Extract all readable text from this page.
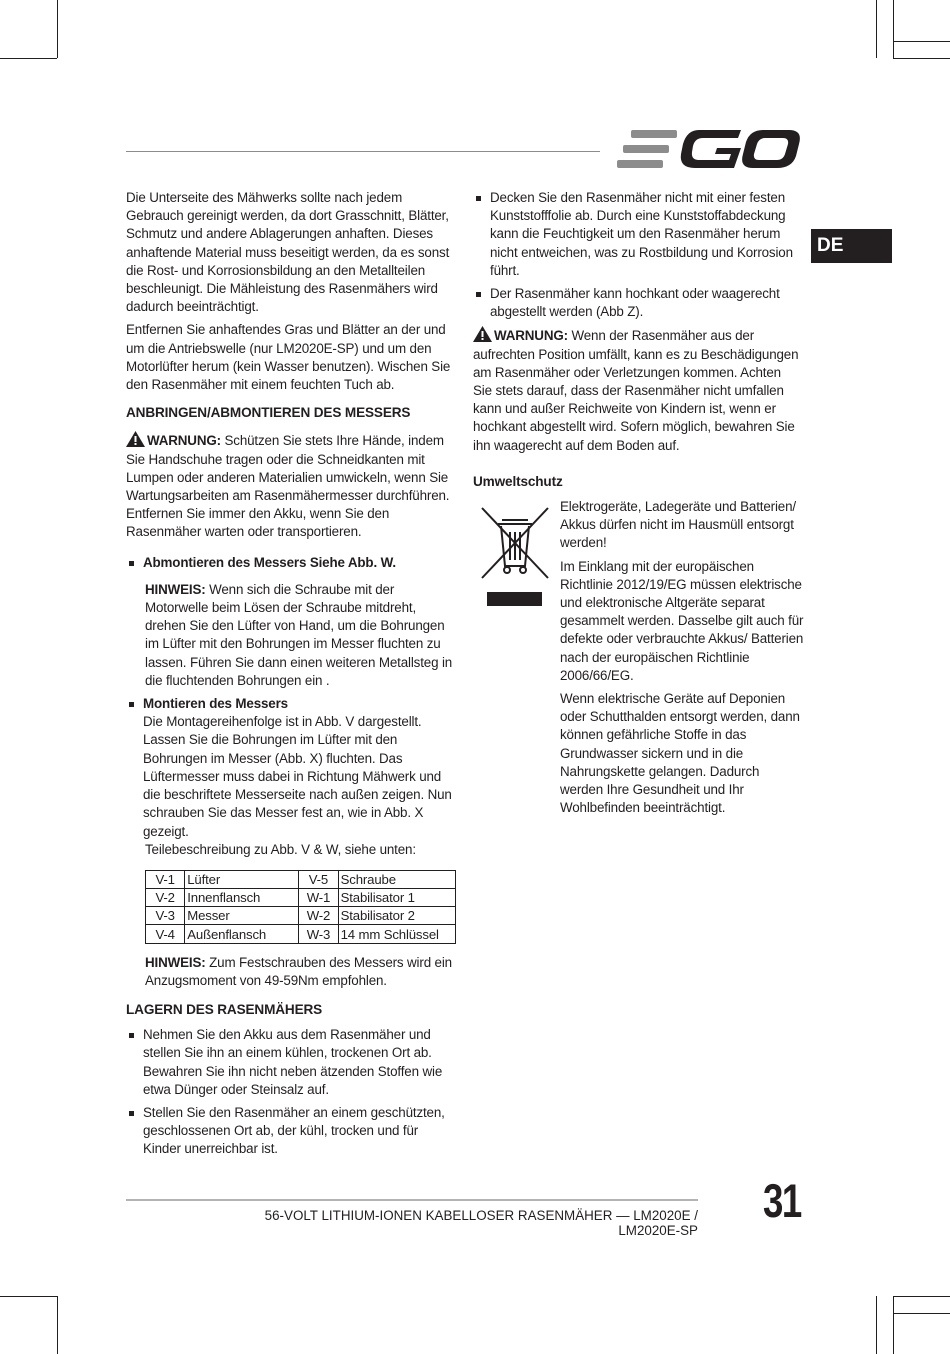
DE

Die Unterseite des Mähwerks sollte nach jedem Gebrauch gereinigt werden, da dort Grasschnitt, Blätter, Schmutz und andere Ablagerungen anhaften. Dieses anhaftende Material muss beseitigt werden, da es sonst die Rost- und Korrosionsbildung an den Metallteilen beschleunigt. Die Mähleistung des Rasenmähers wird dadurch beeinträchtigt.

Entfernen Sie anhaftendes Gras und Blätter an der und um die Antriebswelle (nur LM2020E-SP) und um den Motorlüfter herum (kein Wasser benutzen). Wischen Sie den Rasenmäher mit einem feuchten Tuch ab.

ANBRINGEN/ABMONTIEREN DES MESSERS

WARNUNG: Schützen Sie stets Ihre Hände, indem Sie Handschuhe tragen oder die Schneidkanten mit Lumpen oder anderen Materialien umwickeln, wenn Sie Wartungsarbeiten am Rasenmähermesser durchführen. Entfernen Sie immer den Akku, wenn Sie den Rasenmäher warten oder transportieren.

Abmontieren des Messers Siehe Abb. W.

HINWEIS: Wenn sich die Schraube mit der Motorwelle beim Lösen der Schraube mitdreht, drehen Sie den Lüfter von Hand, um die Bohrungen im Lüfter mit den Bohrungen im Messer fluchten zu lassen. Führen Sie dann einen weiteren Metallsteg in die fluchtenden Bohrungen ein .

Montieren des Messers

Die Montagereihenfolge ist in Abb. V dargestellt. Lassen Sie die Bohrungen im Lüfter mit den Bohrungen im Messer (Abb. X) fluchten. Das Lüftermesser muss dabei in Richtung Mähwerk und die beschriftete Messerseite nach außen zeigen. Nun schrauben Sie das Messer fest an, wie in Abb. X gezeigt.

Teilebeschreibung zu Abb. V & W, siehe unten:

V-1	Lüfter	V-5	Schraube
V-2	Innenflansch	W-1	Stabilisator 1
V-3	Messer	W-2	Stabilisator 2
V-4	Außenflansch	W-3	14 mm Schlüssel

HINWEIS: Zum Festschrauben des Messers wird ein Anzugsmoment von 49-59Nm empfohlen.

LAGERN DES RASENMÄHERS
Nehmen Sie den Akku aus dem Rasenmäher und stellen Sie ihn an einem kühlen, trockenen Ort ab. Bewahren Sie ihn nicht neben ätzenden Stoffen wie etwa Dünger oder Steinsalz auf.
Stellen Sie den Rasenmäher an einem geschützten, geschlossenen Ort ab, der kühl, trocken und für Kinder unerreichbar ist.
Decken Sie den Rasenmäher nicht mit einer festen Kunststofffolie ab. Durch eine Kunststoffabdeckung kann die Feuchtigkeit um den Rasenmäher herum nicht entweichen, was zu Rostbildung und Korrosion führt.
Der Rasenmäher kann hochkant oder waagerecht abgestellt werden (Abb Z).

WARNUNG: Wenn der Rasenmäher aus der aufrechten Position umfällt, kann es zu Beschädigungen am Rasenmäher oder Verletzungen kommen. Achten Sie stets darauf, dass der Rasenmäher nicht umfallen kann und außer Reichweite von Kindern ist, wenn er hochkant abgestellt wird. Sofern möglich, bewahren Sie ihn waagerecht auf dem Boden auf.

Umweltschutz

Elektrogeräte, Ladegeräte und Batterien/ Akkus dürfen nicht im Hausmüll entsorgt werden!

Im Einklang mit der europäischen Richtlinie 2012/19/EG müssen elektrische und elektronische Altgeräte separat gesammelt werden. Dasselbe gilt auch für defekte oder verbrauchte Akkus/ Batterien nach der europäischen Richtlinie 2006/66/EG.

Wenn elektrische Geräte auf Deponien oder Schutthalden entsorgt werden, dann können gefährliche Stoffe in das Grundwasser sickern und in die Nahrungskette gelangen. Dadurch werden Ihre Gesundheit und Ihr Wohlbefinden beeinträchtigt.

56-VOLT LITHIUM-IONEN KABELLOSER RASENMÄHER — LM2020E / LM2020E-SP
31
